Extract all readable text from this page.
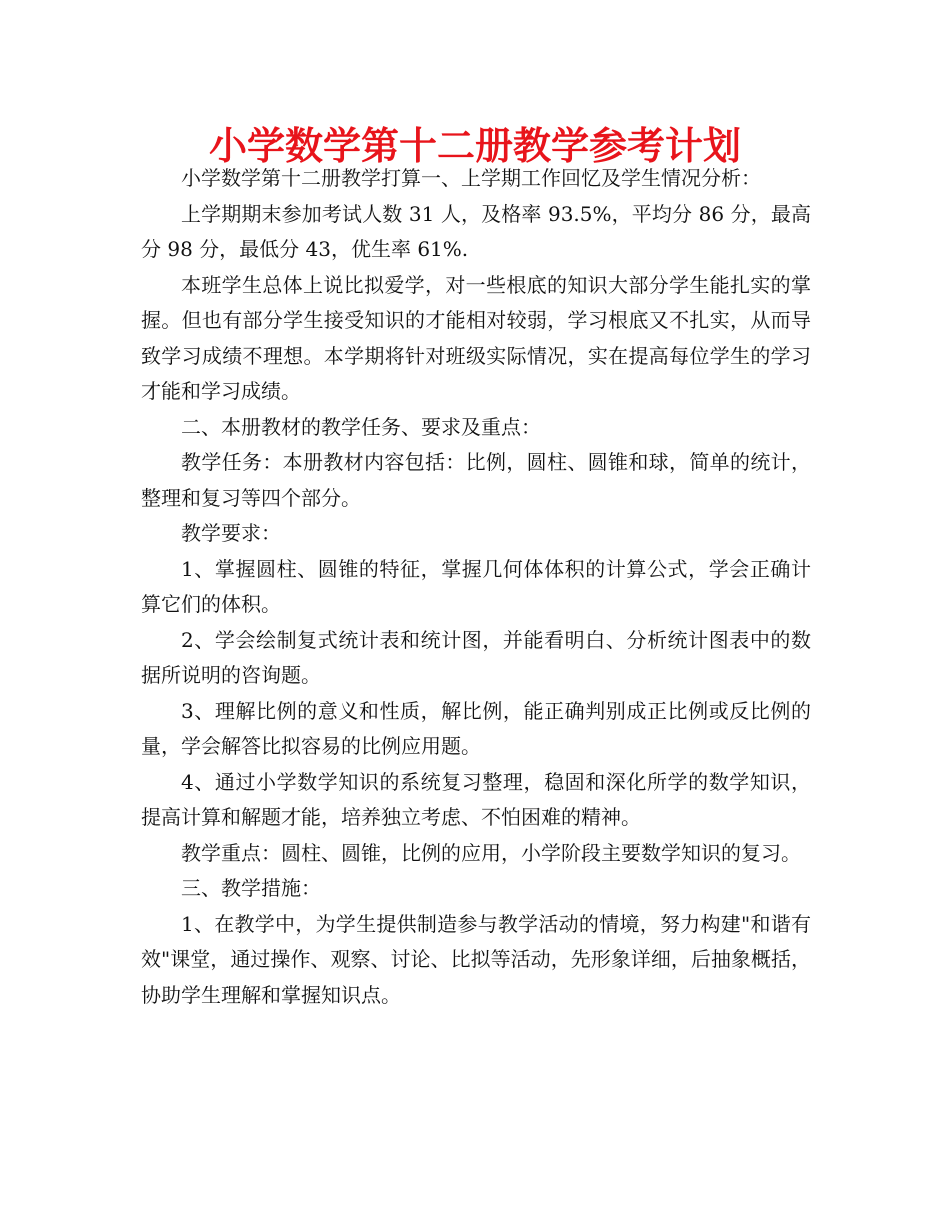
小学数学第十二册教学参考计划

小学数学第十二册教学打算一、上学期工作回忆及学生情况分析：

上学期期末参加考试人数 31 人，及格率 93.5%，平均分 86 分，最高分 98 分，最低分 43，优生率 61%.

本班学生总体上说比拟爱学，对一些根底的知识大部分学生能扎实的掌握。但也有部分学生接受知识的才能相对较弱，学习根底又不扎实，从而导致学习成绩不理想。本学期将针对班级实际情况，实在提高每位学生的学习才能和学习成绩。

二、本册教材的教学任务、要求及重点：

教学任务：本册教材内容包括：比例，圆柱、圆锥和球，简单的统计，整理和复习等四个部分。

教学要求：

1、掌握圆柱、圆锥的特征，掌握几何体体积的计算公式，学会正确计算它们的体积。

2、学会绘制复式统计表和统计图，并能看明白、分析统计图表中的数据所说明的咨询题。

3、理解比例的意义和性质，解比例，能正确判别成正比例或反比例的量，学会解答比拟容易的比例应用题。

4、通过小学数学知识的系统复习整理，稳固和深化所学的数学知识，提高计算和解题才能，培养独立考虑、不怕困难的精神。

教学重点：圆柱、圆锥，比例的应用，小学阶段主要数学知识的复习。

三、教学措施：

1、在教学中，为学生提供制造参与教学活动的情境，努力构建"和谐有效"课堂，通过操作、观察、讨论、比拟等活动，先形象详细，后抽象概括，协助学生理解和掌握知识点。
